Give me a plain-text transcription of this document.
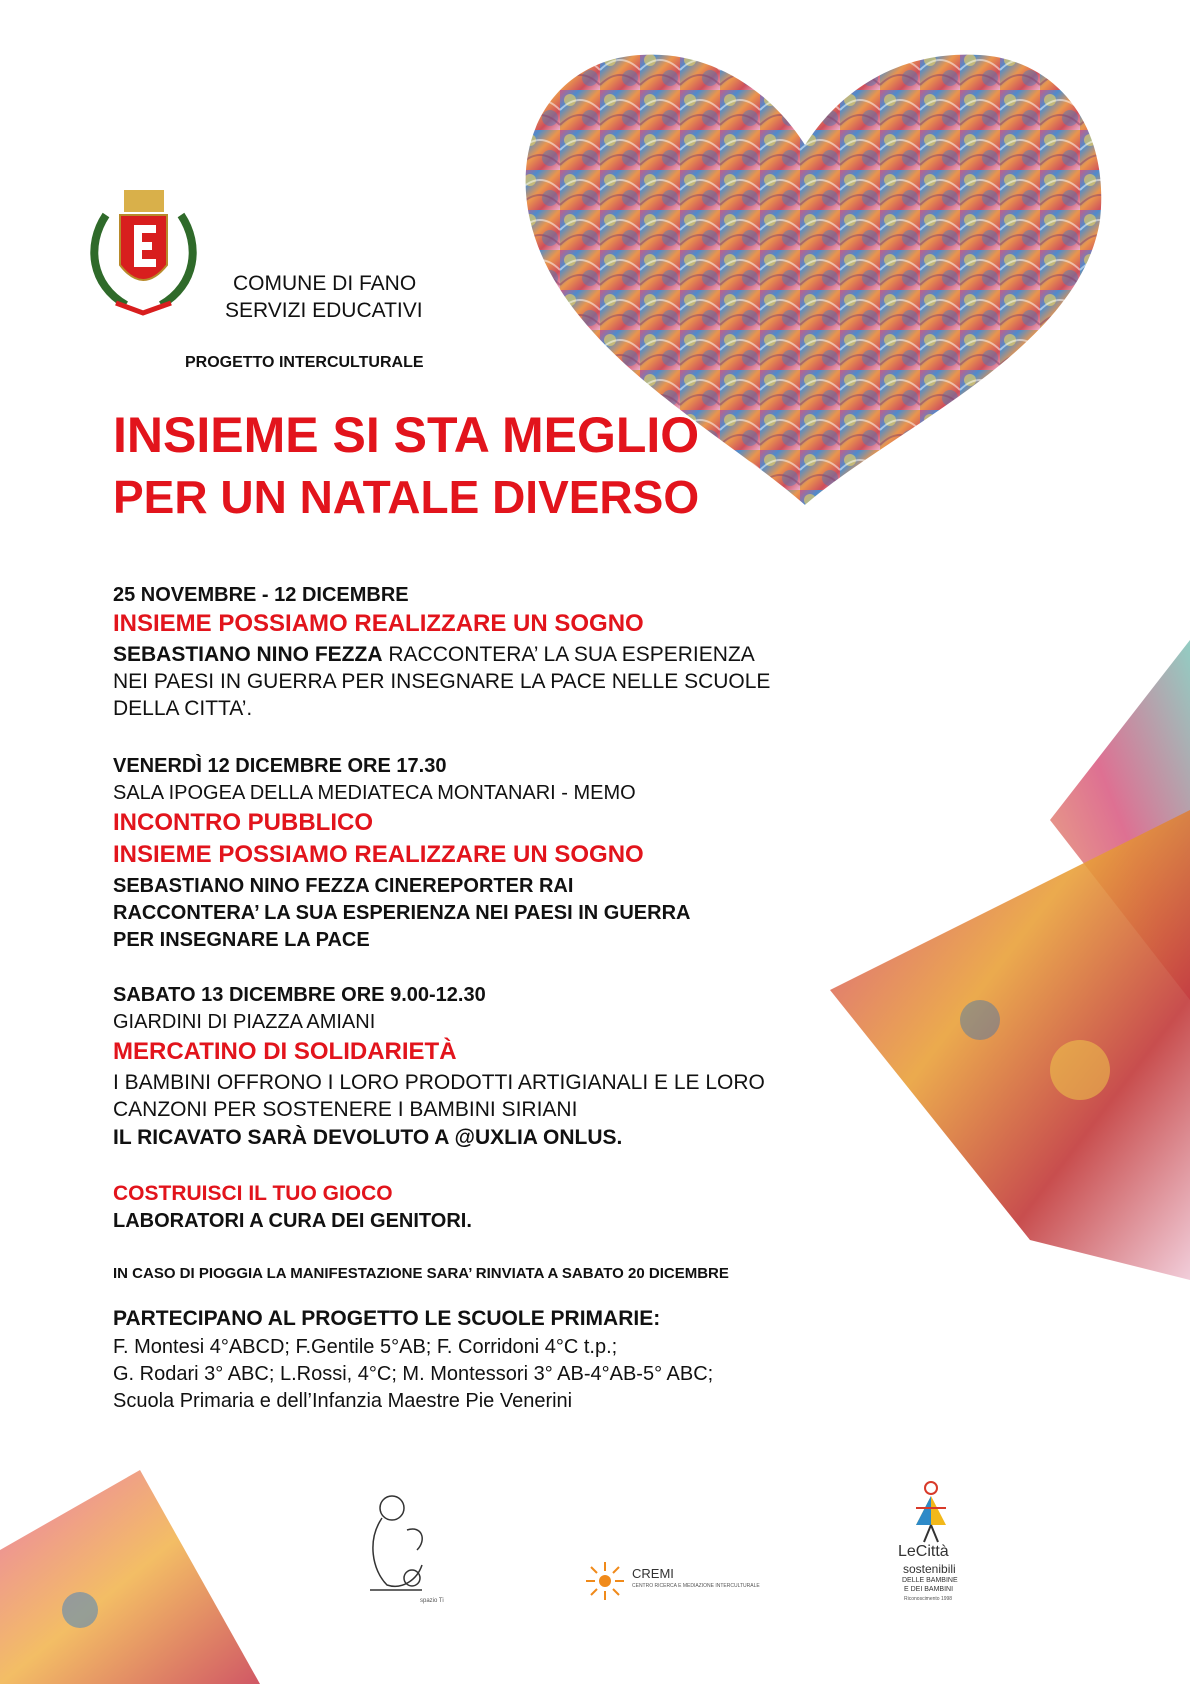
COMUNE DI FANO
SERVIZI EDUCATIVI
PROGETTO INTERCULTURALE
INSIEME SI STA MEGLIO
PER UN NATALE DIVERSO
25 NOVEMBRE - 12 DICEMBRE
INSIEME POSSIAMO REALIZZARE UN SOGNO
SEBASTIANO NINO FEZZA RACCONTERA’ LA SUA ESPERIENZA
NEI PAESI IN GUERRA PER INSEGNARE LA PACE NELLE SCUOLE
DELLA CITTA’.
VENERDÌ 12 DICEMBRE ORE 17.30
SALA IPOGEA DELLA MEDIATECA MONTANARI - MEMO
INCONTRO PUBBLICO
INSIEME POSSIAMO REALIZZARE UN SOGNO
SEBASTIANO NINO FEZZA CINEREPORTER RAI
RACCONTERA’ LA SUA ESPERIENZA NEI PAESI IN GUERRA
PER INSEGNARE LA PACE
SABATO 13 DICEMBRE ORE 9.00-12.30
GIARDINI DI PIAZZA AMIANI
MERCATINO DI SOLIDARIETÀ
I BAMBINI OFFRONO I LORO PRODOTTI ARTIGIANALI E LE LORO
CANZONI PER SOSTENERE I BAMBINI SIRIANI
IL RICAVATO SARÀ DEVOLUTO A @UXLIA ONLUS.
COSTRUISCI IL TUO GIOCO
LABORATORI A CURA DEI GENITORI.
IN CASO DI PIOGGIA LA MANIFESTAZIONE SARA’ RINVIATA A SABATO 20 DICEMBRE
PARTECIPANO AL PROGETTO LE SCUOLE PRIMARIE:
F. Montesi 4°ABCD; F.Gentile 5°AB; F. Corridoni 4°C t.p.;
G. Rodari 3° ABC; L.Rossi, 4°C; M. Montessori 3° AB-4°AB-5° ABC;
Scuola Primaria e dell’Infanzia Maestre Pie Venerini
spazio Ti
CREMI
CENTRO RICERCA E MEDIAZIONE INTERCULTURALE
LeCittà
sostenibili
DELLE BAMBINE
E DEI BAMBINI
Riconoscimento 1998
